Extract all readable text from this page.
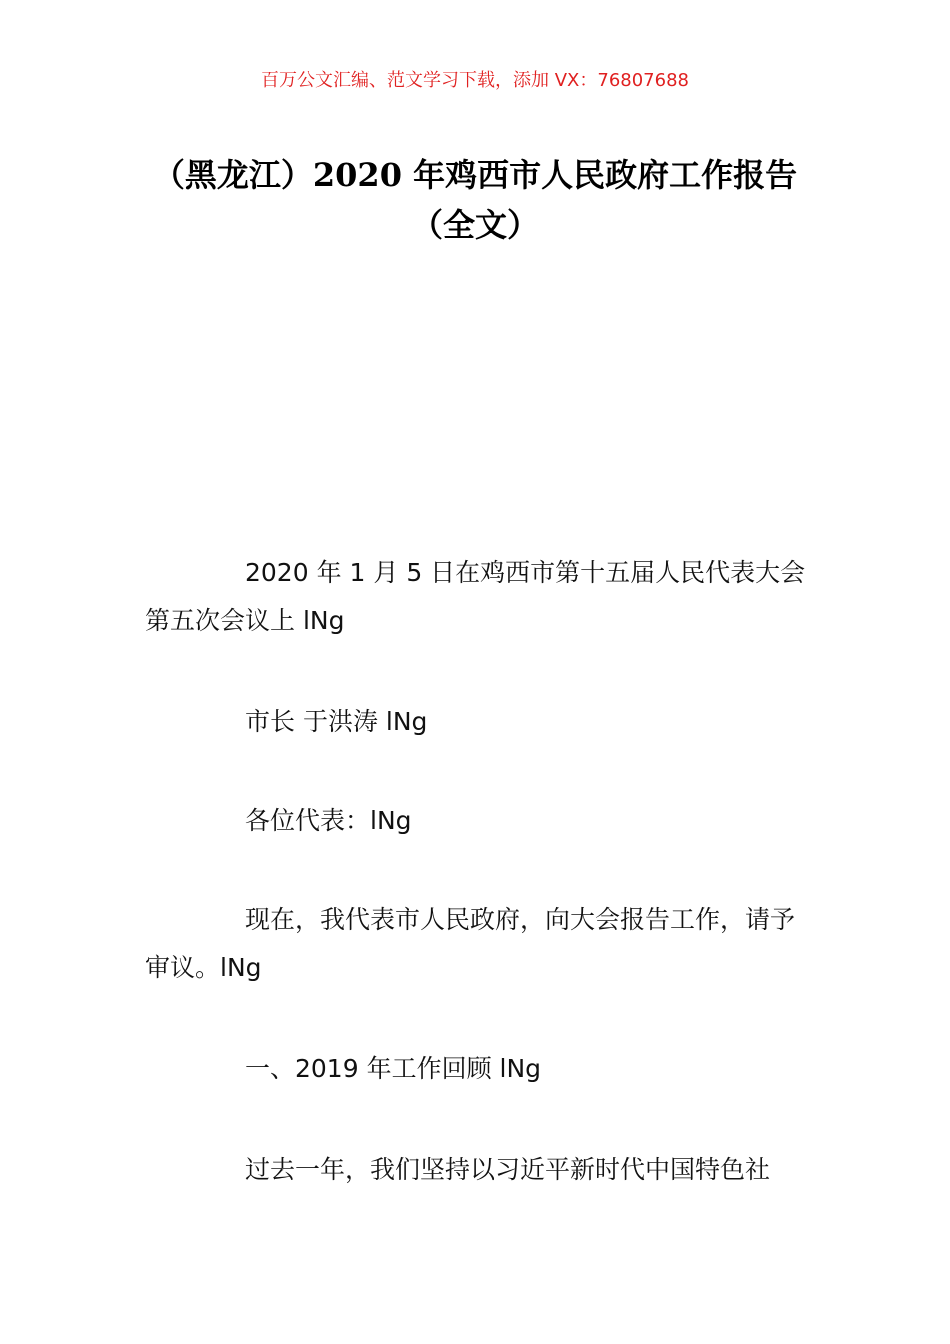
百万公文汇编、范文学习下载，添加 VX：76807688
（黑龙江）2020 年鸡西市人民政府工作报告（全文）

2020 年 1 月 5 日在鸡西市第十五届人民代表大会第五次会议上 lNg

市长 于洪涛 lNg

各位代表：lNg

现在，我代表市人民政府，向大会报告工作，请予审议。lNg

一、2019 年工作回顾 lNg

过去一年，我们坚持以习近平新时代中国特色社
